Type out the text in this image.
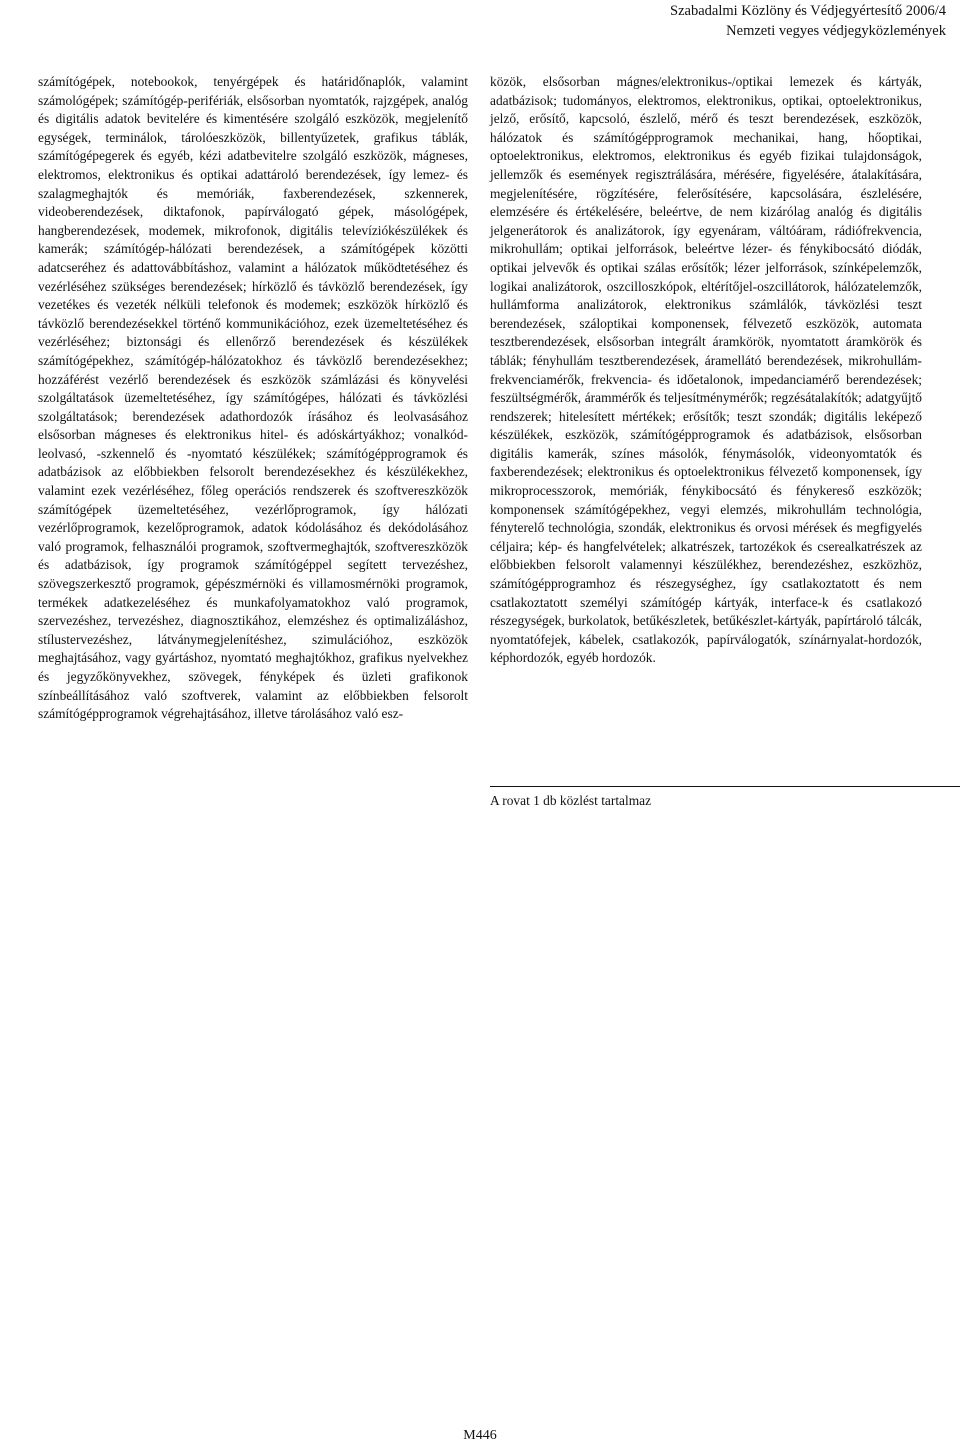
Szabadalmi Közlöny és Védjegyértesítő 2006/4
Nemzeti vegyes védjegyközlemények

számítógépek, notebookok, tenyérgépek és határidőnaplók, valamint számológépek; számítógép-perifériák, elsősorban nyomtatók, rajzgépek, analóg és digitális adatok bevitelére és kimentésére szolgáló eszközök, megjelenítő egységek, terminálok, tárolóeszközök, billentyűzetek, grafikus táblák, számítógépegerek és egyéb, kézi adatbevitelre szolgáló eszközök, mágneses, elektromos, elektronikus és optikai adattároló berendezések, így lemez- és szalagmeghajtók és memóriák, faxberendezések, szkennerek, videoberendezések, diktafonok, papírválogató gépek, másológépek, hangberendezések, modemek, mikrofonok, digitális televíziókészülékek és kamerák; számítógép-hálózati berendezések, a számítógépek közötti adatcseréhez és adattovábbításhoz, valamint a hálózatok működtetéséhez és vezérléséhez szükséges berendezések; hírközlő és távközlő berendezések, így vezetékes és vezeték nélküli telefonok és modemek; eszközök hírközlő és távközlő berendezésekkel történő kommunikációhoz, ezek üzemeltetéséhez és vezérléséhez; biztonsági és ellenőrző berendezések és készülékek számítógépekhez, számítógép-hálózatokhoz és távközlő berendezésekhez; hozzáférést vezérlő berendezések és eszközök számlázási és könyvelési szolgáltatások üzemeltetéséhez, így számítógépes, hálózati és távközlési szolgáltatások; berendezések adathordozók írásához és leolvasásához elsősorban mágneses és elektronikus hitel- és adóskártyákhoz; vonalkód-leolvasó, -szkennelő és -nyomtató készülékek; számítógépprogramok és adatbázisok az előbbiekben felsorolt berendezésekhez és készülékekhez, valamint ezek vezérléséhez, főleg operációs rendszerek és szoftvereszközök számítógépek üzemeltetéséhez, vezérlőprogramok, így hálózati vezérlőprogramok, kezelőprogramok, adatok kódolásához és dekódolásához való programok, felhasználói programok, szoftvermeghajtók, szoftvereszközök és adatbázisok, így programok számítógéppel segített tervezéshez, szövegszerkesztő programok, gépészmérnöki és villamosmérnöki programok, termékek adatkezeléséhez és munkafolyamatokhoz való programok, szervezéshez, tervezéshez, diagnosztikához, elemzéshez és optimalizáláshoz, stílustervezéshez, látványmegjelenítéshez, szimulációhoz, eszközök meghajtásához, vagy gyártáshoz, nyomtató meghajtókhoz, grafikus nyelvekhez és jegyzőkönyvekhez, szövegek, fényképek és üzleti grafikonok színbeállításához való szoftverek, valamint az előbbiekben felsorolt számítógépprogramok végrehajtásához, illetve tárolásához való esz-

közök, elsősorban mágnes/elektronikus-/optikai lemezek és kártyák, adatbázisok; tudományos, elektromos, elektronikus, optikai, optoelektronikus, jelző, erősítő, kapcsoló, észlelő, mérő és teszt berendezések, eszközök, hálózatok és számítógépprogramok mechanikai, hang, hőoptikai, optoelektronikus, elektromos, elektronikus és egyéb fizikai tulajdonságok, jellemzők és események regisztrálására, mérésére, figyelésére, átalakítására, megjelenítésére, rögzítésére, felerősítésére, kapcsolására, észlelésére, elemzésére és értékelésére, beleértve, de nem kizárólag analóg és digitális jelgenerátorok és analizátorok, így egyenáram, váltóáram, rádiófrekvencia, mikrohullám; optikai jelforrások, beleértve lézer- és fénykibocsátó diódák, optikai jelvevők és optikai szálas erősítők; lézer jelforrások, színképelemzők, logikai analizátorok, oszcilloszkópok, eltérítőjel-oszcillátorok, hálózatelemzők, hullámforma analizátorok, elektronikus számlálók, távközlési teszt berendezések, száloptikai komponensek, félvezető eszközök, automata tesztberendezések, elsősorban integrált áramkörök, nyomtatott áramkörök és táblák; fényhullám tesztberendezések, áramellátó berendezések, mikrohullám-frekvenciamérők, frekvencia- és időetalonok, impedanciamérő berendezések; feszültségmérők, árammérők és teljesítménymérők; regzésátalakítók; adatgyűjtő rendszerek; hitelesített mértékek; erősítők; teszt szondák; digitális leképező készülékek, eszközök, számítógépprogramok és adatbázisok, elsősorban digitális kamerák, színes másolók, fénymásolók, videonyomtatók és faxberendezések; elektronikus és optoelektronikus félvezető komponensek, így mikroprocesszorok, memóriák, fénykibocsátó és fénykereső eszközök; komponensek számítógépekhez, vegyi elemzés, mikrohullám technológia, fényterelő technológia, szondák, elektronikus és orvosi mérések és megfigyelés céljaira; kép- és hangfelvételek; alkatrészek, tartozékok és cserealkatrészek az előbbiekben felsorolt valamennyi készülékhez, berendezéshez, eszközhöz, számítógépprogramhoz és részegységhez, így csatlakoztatott és nem csatlakoztatott személyi számítógép kártyák, interface-k és csatlakozó részegységek, burkolatok, betűkészletek, betűkészlet-kártyák, papírtároló tálcák, nyomtatófejek, kábelek, csatlakozók, papírválogatók, színárnyalat-hordozók, képhordozók, egyéb hordozók.

A rovat 1 db közlést tartalmaz
M446
